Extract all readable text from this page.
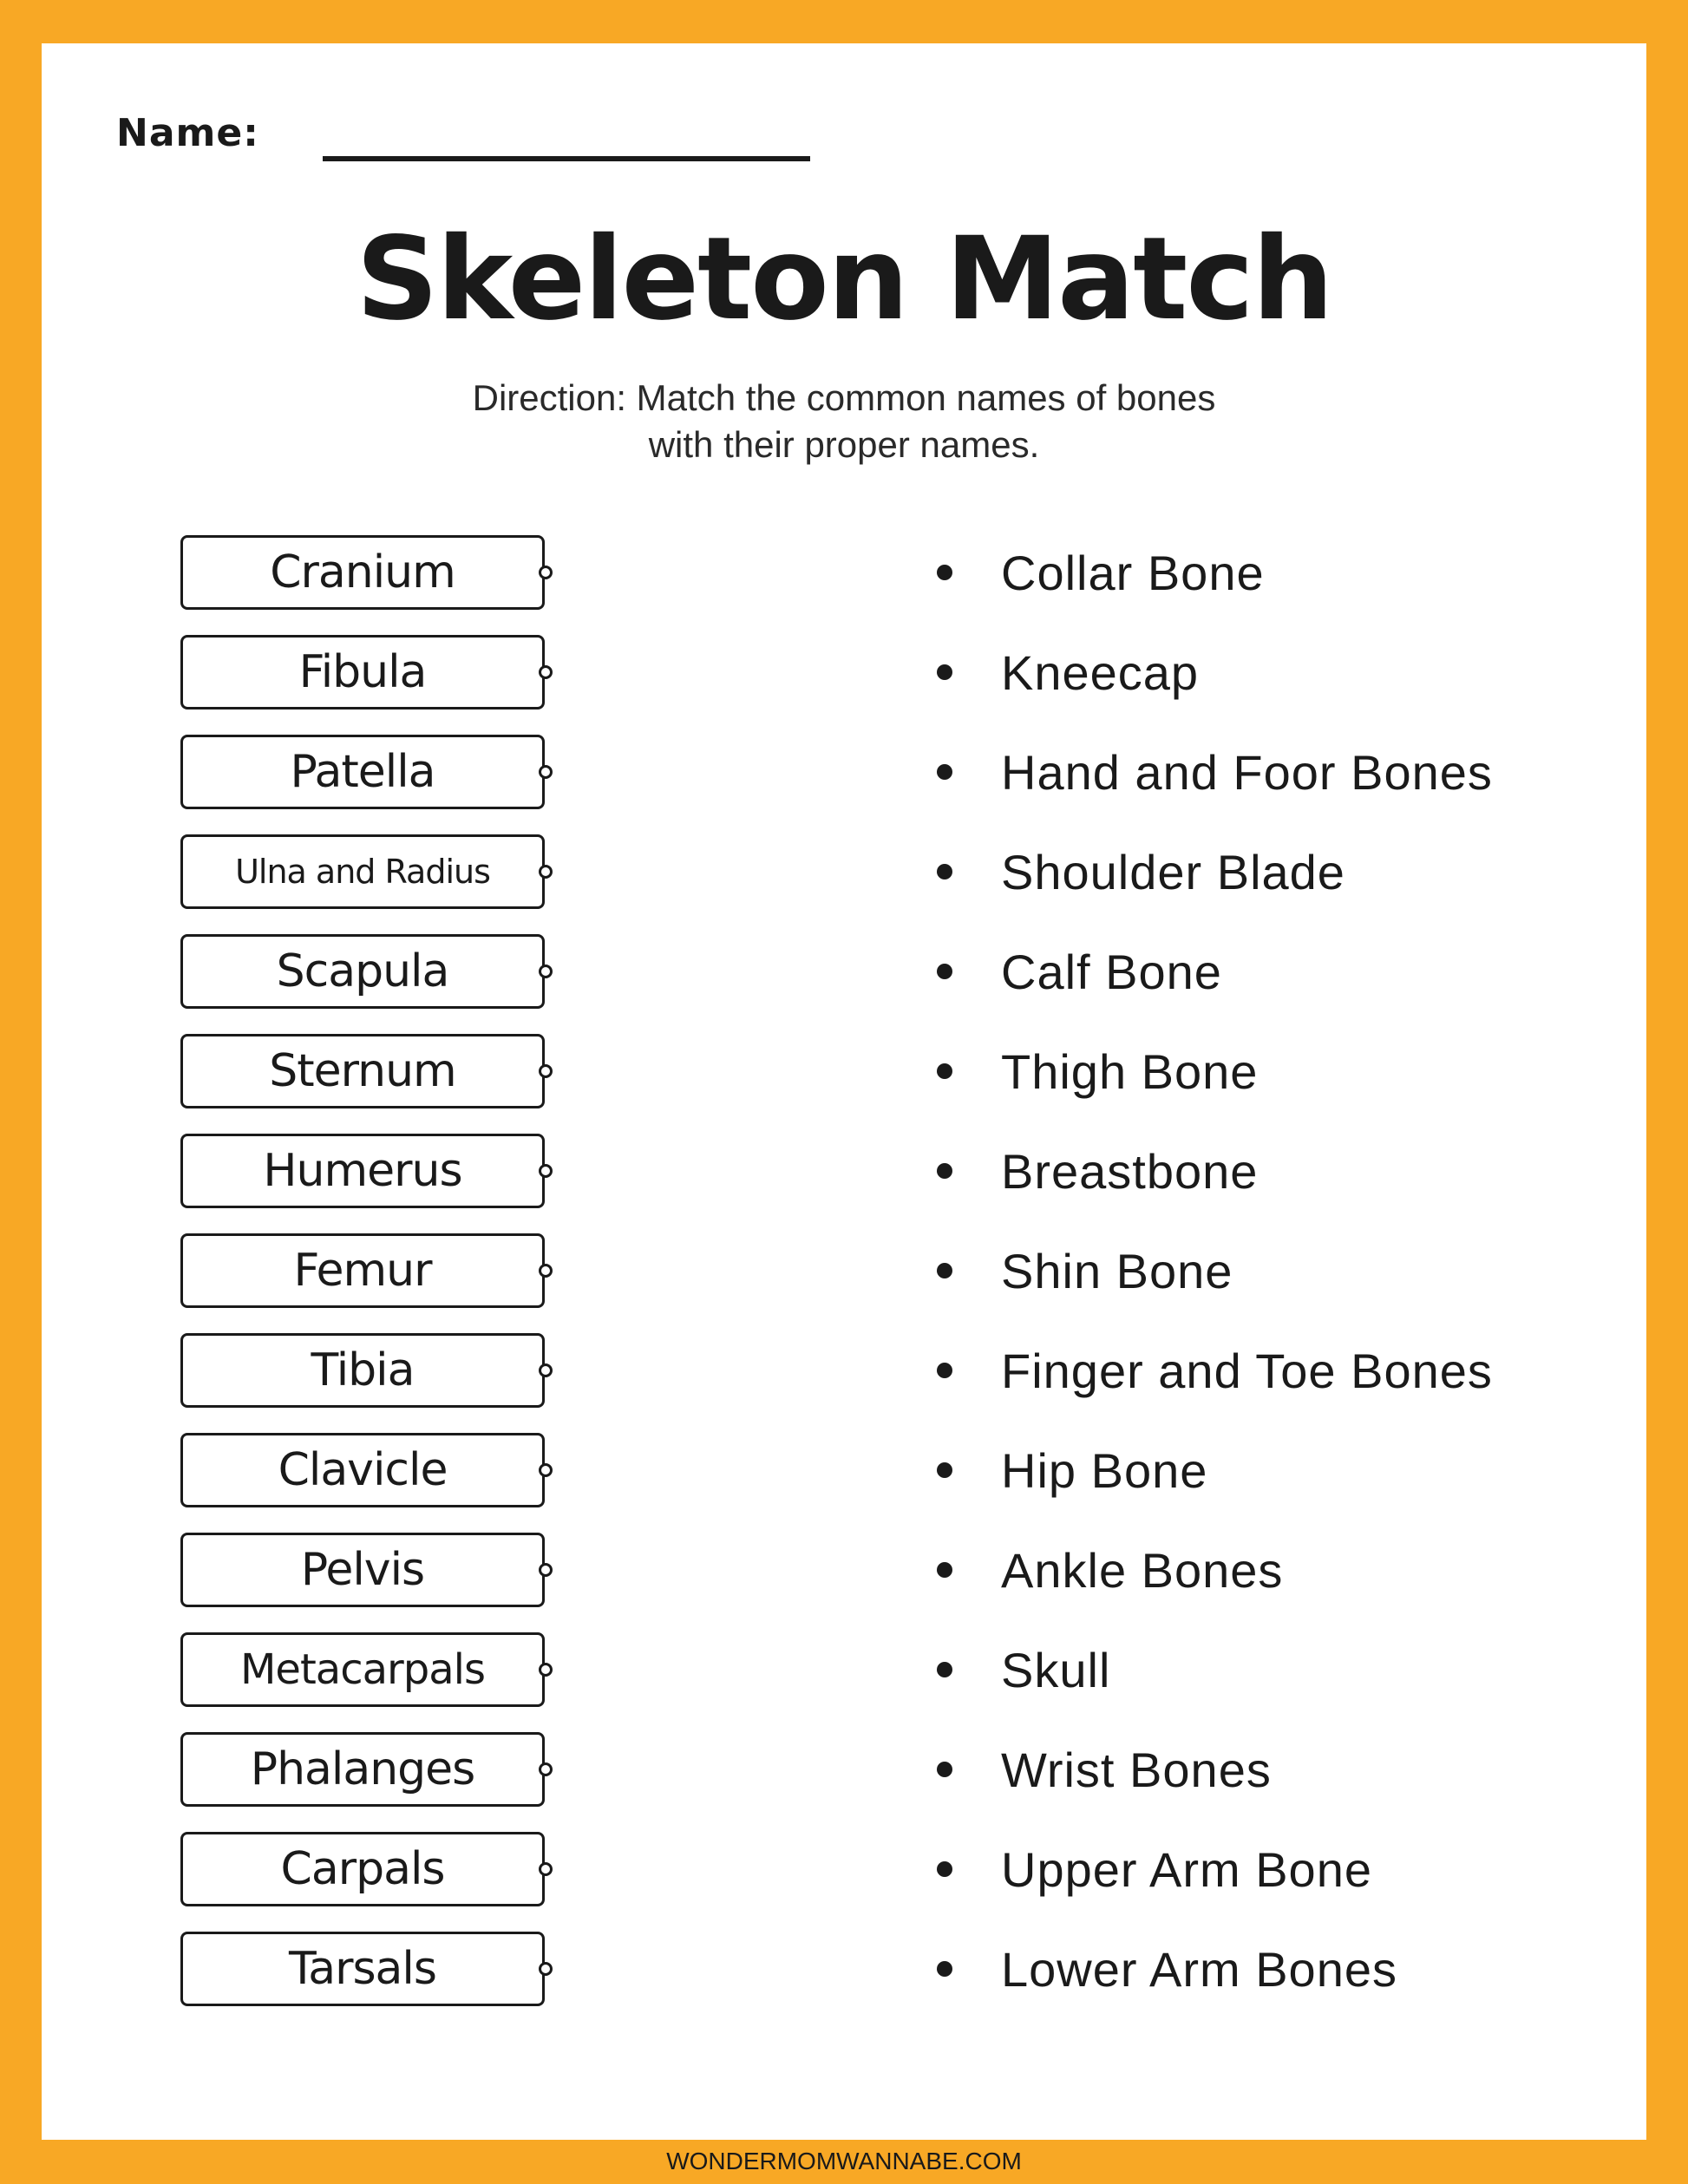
Name:
Skeleton Match
Direction: Match the common names of bones
with their proper names.
Cranium
Fibula
Patella
Ulna and Radius
Scapula
Sternum
Humerus
Femur
Tibia
Clavicle
Pelvis
Metacarpals
Phalanges
Carpals
Tarsals
Collar Bone
Kneecap
Hand and Foor Bones
Shoulder Blade
Calf Bone
Thigh Bone
Breastbone
Shin Bone
Finger and Toe Bones
Hip Bone
Ankle Bones
Skull
Wrist Bones
Upper Arm Bone
Lower Arm Bones
WONDERMOMWANNABE.COM
